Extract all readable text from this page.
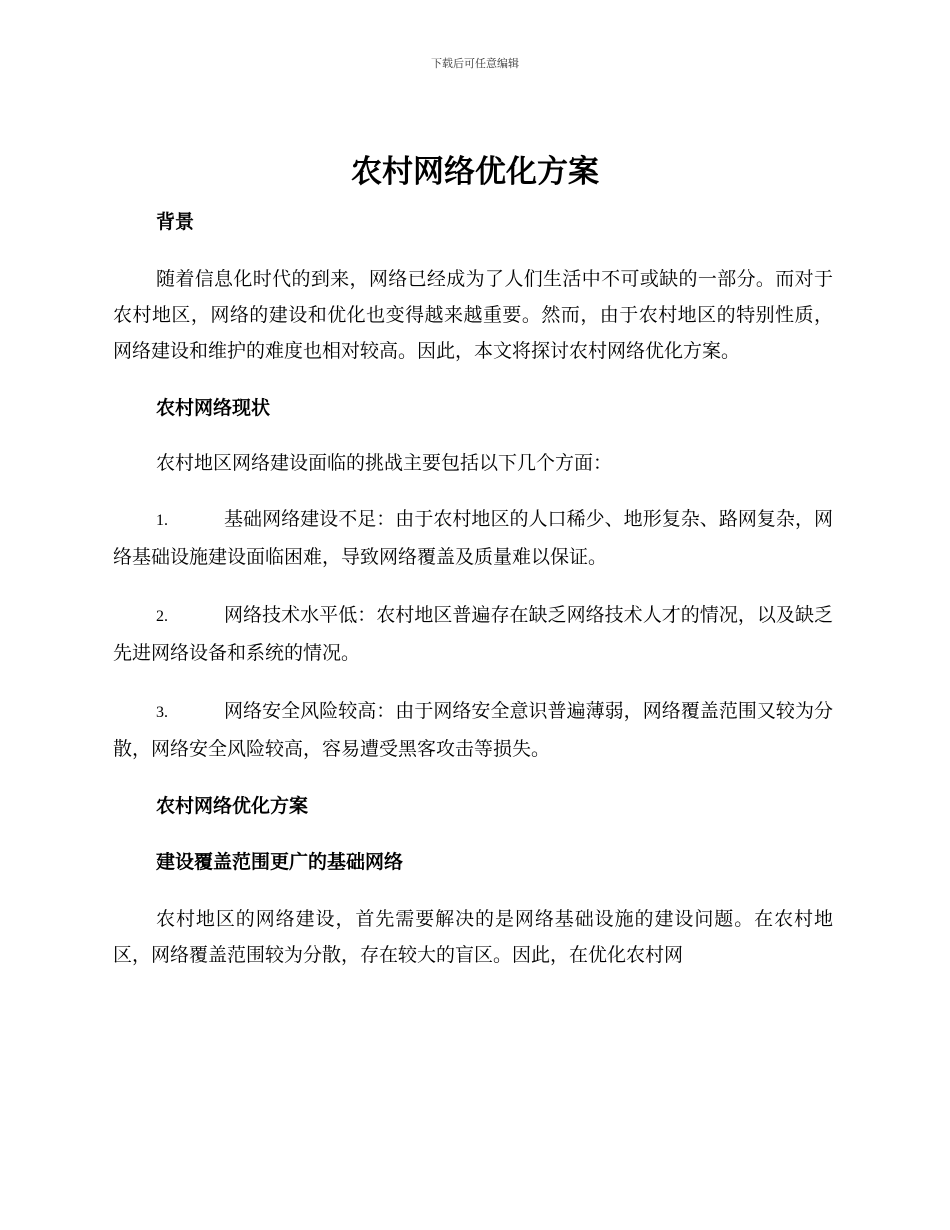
下载后可任意编辑
农村网络优化方案

背景

随着信息化时代的到来，网络已经成为了人们生活中不可或缺的一部分。而对于农村地区，网络的建设和优化也变得越来越重要。然而，由于农村地区的特别性质，网络建设和维护的难度也相对较高。因此，本文将探讨农村网络优化方案。

农村网络现状

农村地区网络建设面临的挑战主要包括以下几个方面：

1.	基础网络建设不足：由于农村地区的人口稀少、地形复杂、路网复杂，网络基础设施建设面临困难，导致网络覆盖及质量难以保证。

2.	网络技术水平低：农村地区普遍存在缺乏网络技术人才的情况，以及缺乏先进网络设备和系统的情况。

3.	网络安全风险较高：由于网络安全意识普遍薄弱，网络覆盖范围又较为分散，网络安全风险较高，容易遭受黑客攻击等损失。

农村网络优化方案

建设覆盖范围更广的基础网络

农村地区的网络建设，首先需要解决的是网络基础设施的建设问题。在农村地区，网络覆盖范围较为分散，存在较大的盲区。因此，在优化农村网
